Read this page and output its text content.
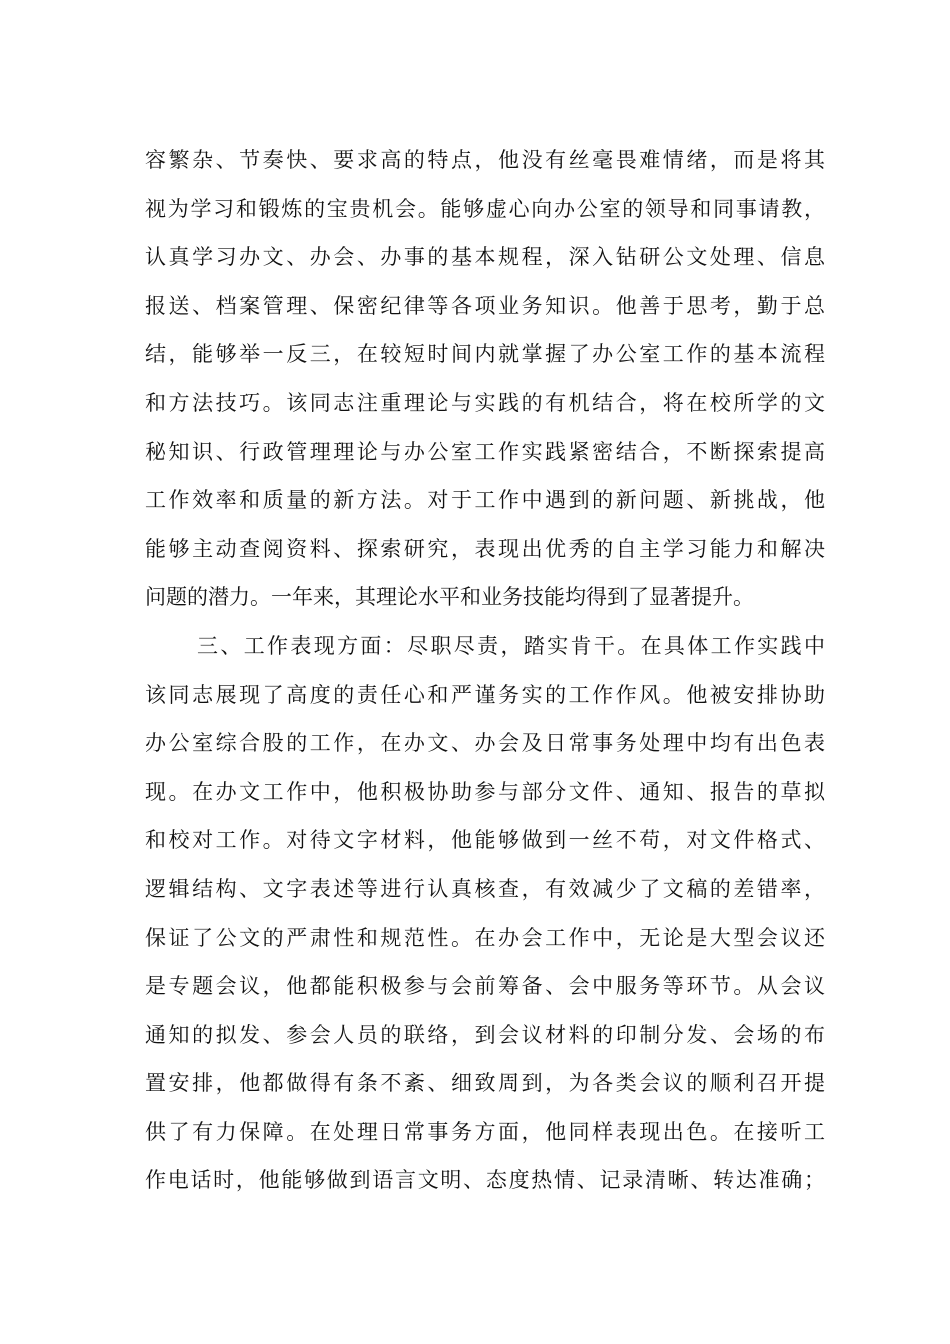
容繁杂、节奏快、要求高的特点，他没有丝毫畏难情绪，而是将其
视为学习和锻炼的宝贵机会。能够虚心向办公室的领导和同事请教，
认真学习办文、办会、办事的基本规程，深入钻研公文处理、信息
报送、档案管理、保密纪律等各项业务知识。他善于思考，勤于总
结，能够举一反三，在较短时间内就掌握了办公室工作的基本流程
和方法技巧。该同志注重理论与实践的有机结合，将在校所学的文
秘知识、行政管理理论与办公室工作实践紧密结合，不断探索提高
工作效率和质量的新方法。对于工作中遇到的新问题、新挑战，他
能够主动查阅资料、探索研究，表现出优秀的自主学习能力和解决
问题的潜力。一年来，其理论水平和业务技能均得到了显著提升。
三、工作表现方面：尽职尽责，踏实肯干。在具体工作实践中
该同志展现了高度的责任心和严谨务实的工作作风。他被安排协助
办公室综合股的工作，在办文、办会及日常事务处理中均有出色表
现。在办文工作中，他积极协助参与部分文件、通知、报告的草拟
和校对工作。对待文字材料，他能够做到一丝不苟，对文件格式、
逻辑结构、文字表述等进行认真核查，有效减少了文稿的差错率，
保证了公文的严肃性和规范性。在办会工作中，无论是大型会议还
是专题会议，他都能积极参与会前筹备、会中服务等环节。从会议
通知的拟发、参会人员的联络，到会议材料的印制分发、会场的布
置安排，他都做得有条不紊、细致周到，为各类会议的顺利召开提
供了有力保障。在处理日常事务方面，他同样表现出色。在接听工
作电话时，他能够做到语言文明、态度热情、记录清晰、转达准确；
